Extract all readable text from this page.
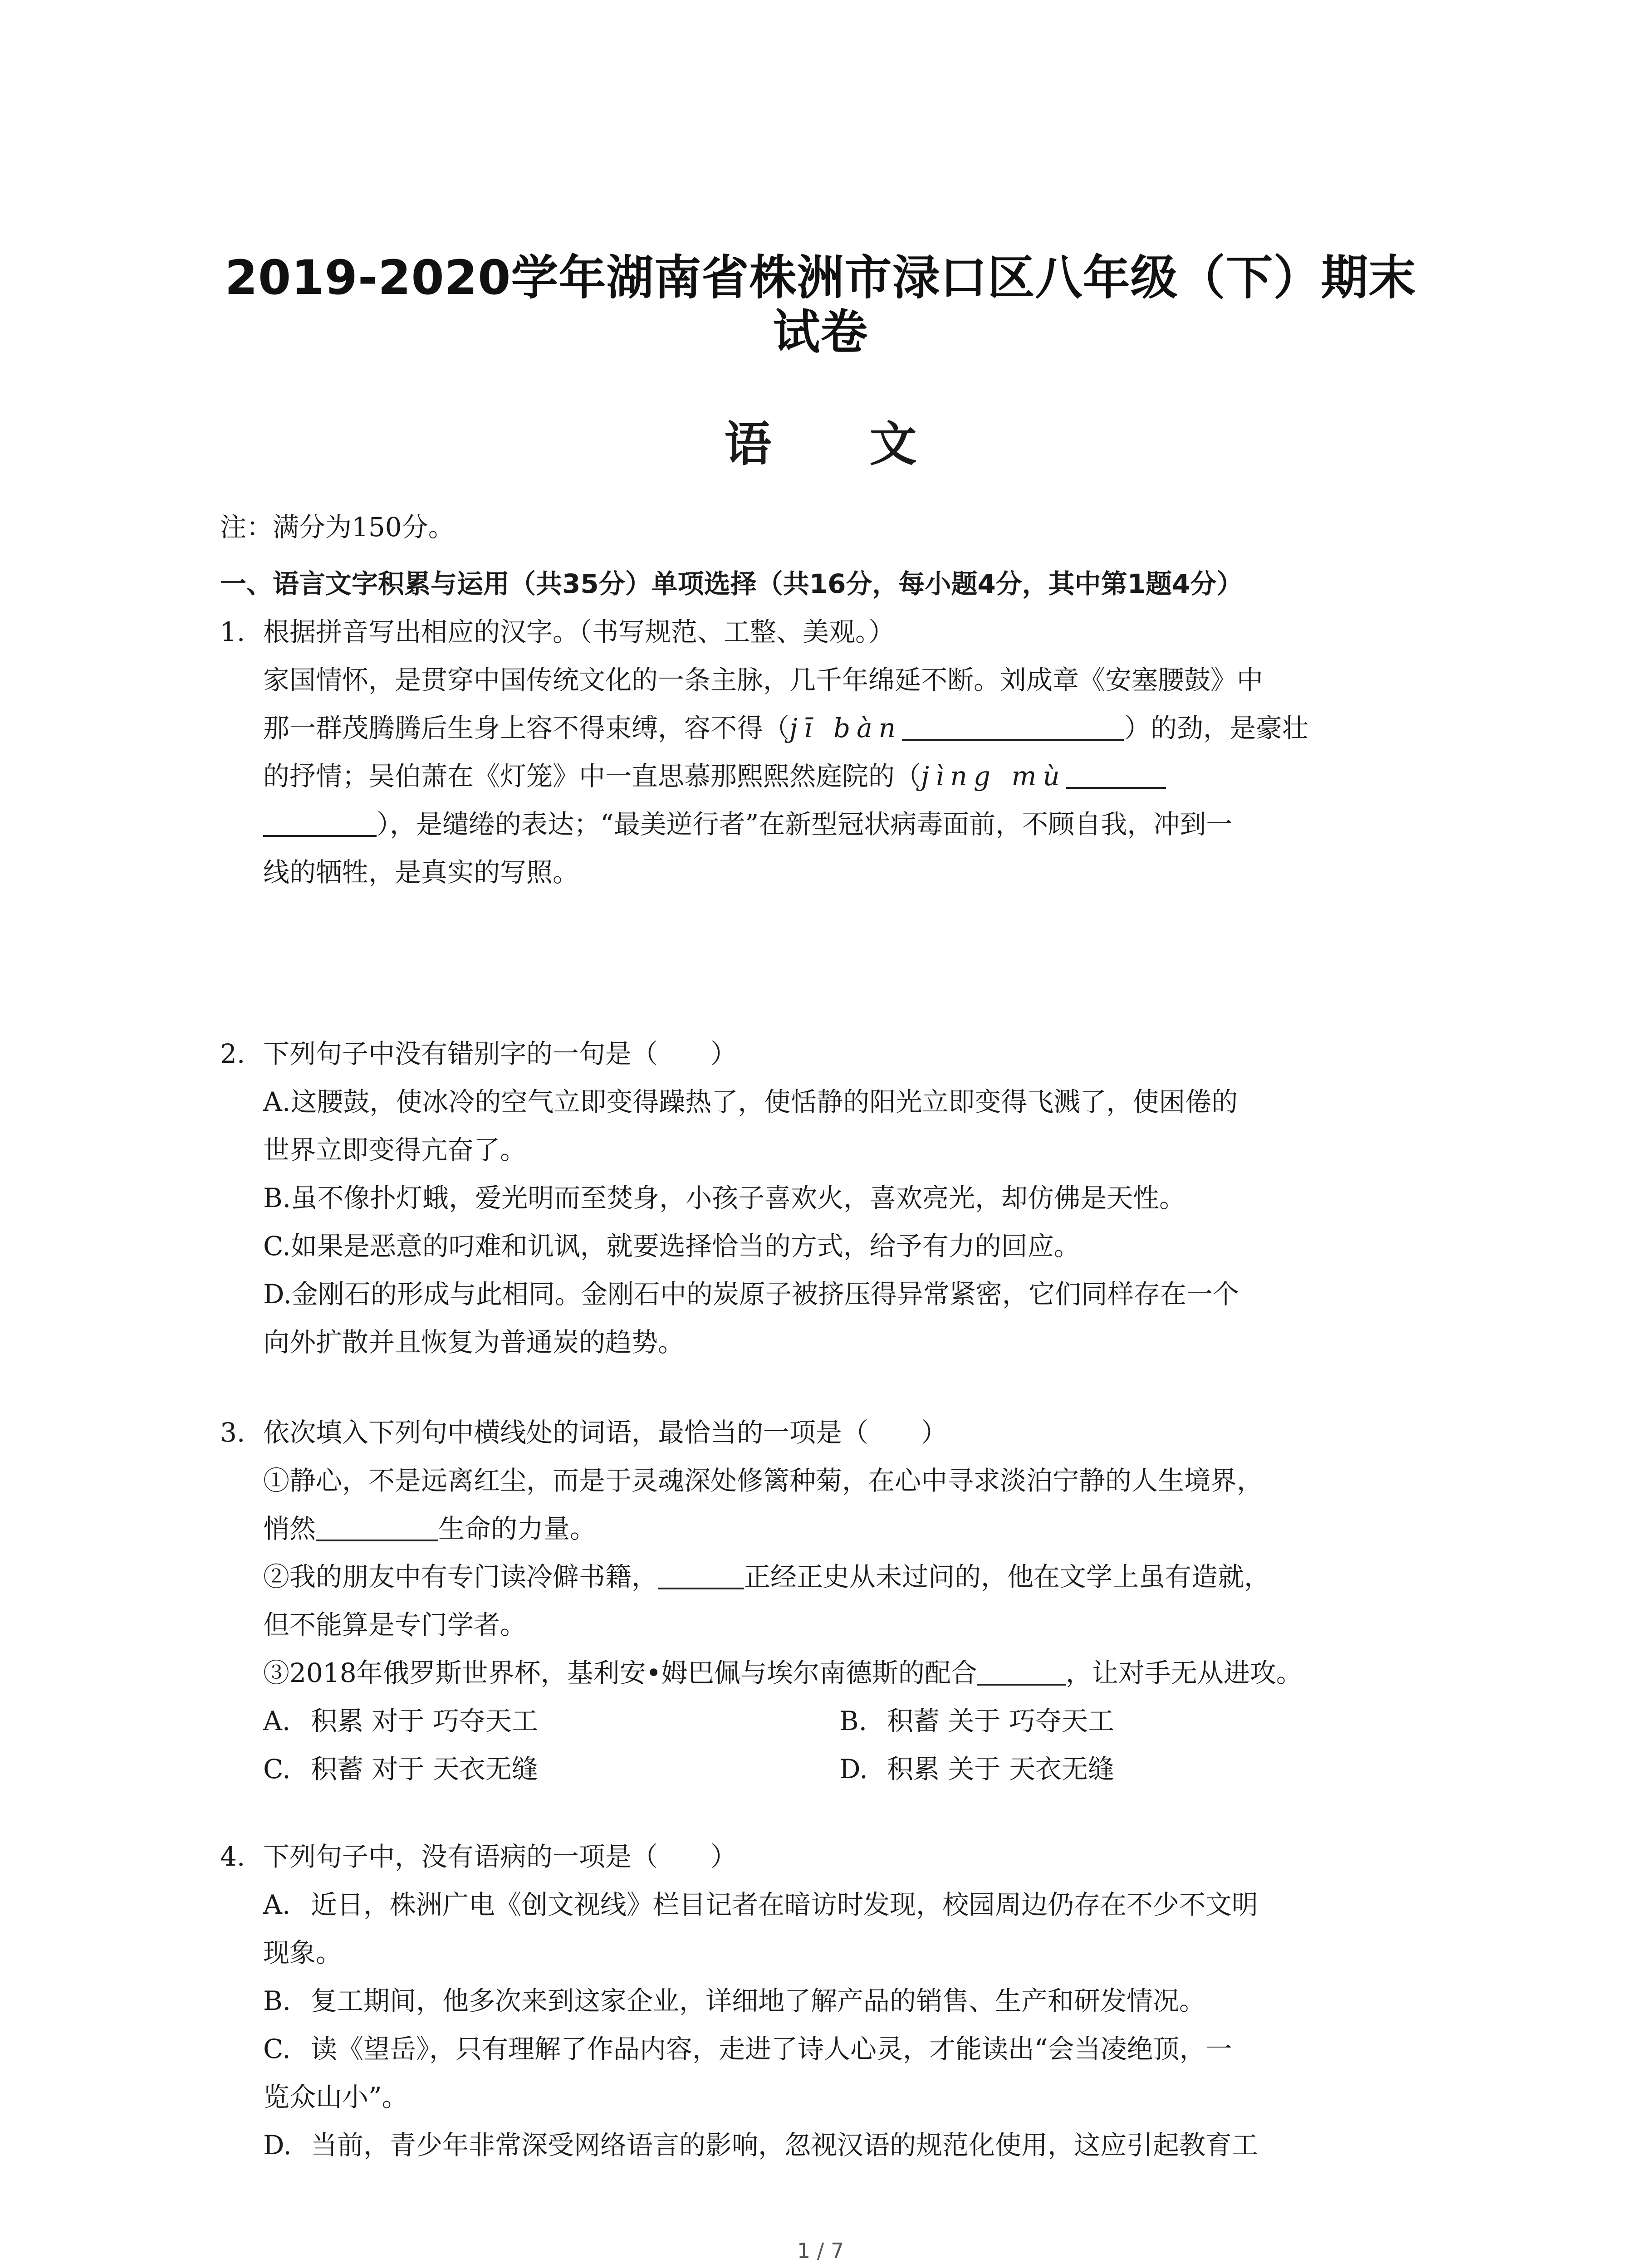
2019-2020学年湖南省株洲市渌口区八年级（下）期末
试卷
语 文
注：满分为150分。
一、语言文字积累与运用（共35分）单项选择（共16分，每小题4分，其中第1题4分）

1. 根据拼音写出相应的汉字。（书写规范、工整、美观。）

家国情怀，是贯穿中国传统文化的一条主脉，几千年绵延不断。刘成章《安塞腰鼓》中

那一群茂腾腾后生身上容不得束缚，容不得（jī bàn	）的劲，是豪壮

的抒情；吴伯萧在《灯笼》中一直思慕那熙熙然庭院的（jìng mù

），是缱绻的表达；“最美逆行者”在新型冠状病毒面前，不顾自我，冲到一

线的牺牲，是真实的写照。

2. 下列句子中没有错别字的一句是（　　）

A.这腰鼓，使冰冷的空气立即变得躁热了，使恬静的阳光立即变得飞溅了，使困倦的

世界立即变得亢奋了。

B.虽不像扑灯蛾，爱光明而至焚身，小孩子喜欢火，喜欢亮光，却仿佛是天性。

C.如果是恶意的叼难和讥讽，就要选择恰当的方式，给予有力的回应。

D.金刚石的形成与此相同。金刚石中的炭原子被挤压得异常紧密，它们同样存在一个

向外扩散并且恢复为普通炭的趋势。

3. 依次填入下列句中横线处的词语，最恰当的一项是（　　）

①静心，不是远离红尘，而是于灵魂深处修篱种菊，在心中寻求淡泊宁静的人生境界，

悄然	生命的力量。

②我的朋友中有专门读冷僻书籍，	正经正史从未过问的，他在文学上虽有造就，

但不能算是专门学者。

③2018年俄罗斯世界杯，基利安•姆巴佩与埃尔南德斯的配合	，让对手无从进攻。

A. 积累 对于 巧夺天工	B. 积蓄 关于 巧夺天工
C. 积蓄 对于 天衣无缝	D. 积累 关于 天衣无缝

4. 下列句子中，没有语病的一项是（　　）

A. 近日，株洲广电《创文视线》栏目记者在暗访时发现，校园周边仍存在不少不文明

现象。

B. 复工期间，他多次来到这家企业，详细地了解产品的销售、生产和研发情况。

C. 读《望岳》，只有理解了作品内容，走进了诗人心灵，才能读出“会当凌绝顶，一

览众山小”。

D. 当前，青少年非常深受网络语言的影响，忽视汉语的规范化使用，这应引起教育工

1 / 7
